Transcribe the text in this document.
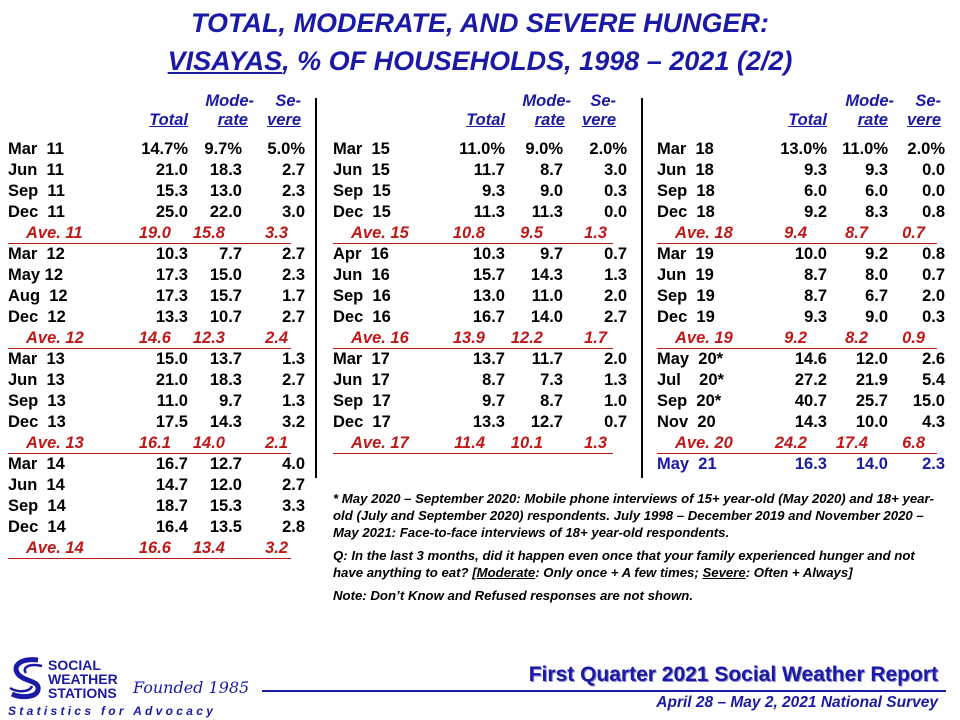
TOTAL, MODERATE, AND SEVERE HUNGER:
VISAYAS, % OF HOUSEHOLDS, 1998 – 2021 (2/2)
Mode- Se-
Total rate vere
Mar  11	14.7% 9.7% 5.0%
Jun  11	21.0 18.3 2.7
Sep  11	15.3 13.0 2.3
Dec  11	25.0 22.0 3.0
Ave. 11	19.0 15.8 3.3
Mar  12	10.3 7.7 2.7
May 12	17.3 15.0 2.3
Aug  12	17.3 15.7 1.7
Dec  12	13.3 10.7 2.7
Ave. 12	14.6 12.3 2.4
Mar  13	15.0 13.7 1.3
Jun  13	21.0 18.3 2.7
Sep  13	11.0 9.7 1.3
Dec  13	17.5 14.3 3.2
Ave. 13	16.1 14.0 2.1
Mar  14	16.7 12.7 4.0
Jun  14	14.7 12.0 2.7
Sep  14	18.7 15.3 3.3
Dec  14	16.4 13.5 2.8
Ave. 14	16.6 13.4 3.2
Mode- Se-
Total rate vere
Mar  15	11.0% 9.0% 2.0%
Jun  15	11.7 8.7 3.0
Sep  15	9.3 9.0 0.3
Dec  15	11.3 11.3 0.0
Ave. 15	10.8 9.5 1.3
Apr  16	10.3 9.7 0.7
Jun  16	15.7 14.3 1.3
Sep  16	13.0 11.0 2.0
Dec  16	16.7 14.0 2.7
Ave. 16	13.9 12.2 1.7
Mar  17	13.7 11.7 2.0
Jun  17	8.7 7.3 1.3
Sep  17	9.7 8.7 1.0
Dec  17	13.3 12.7 0.7
Ave. 17	11.4 10.1 1.3
Mode- Se-
Total rate vere
Mar  18	13.0% 11.0% 2.0%
Jun  18	9.3 9.3 0.0
Sep  18	6.0 6.0 0.0
Dec  18	9.2 8.3 0.8
Ave. 18	9.4 8.7 0.7
Mar  19	10.0 9.2 0.8
Jun  19	8.7 8.0 0.7
Sep  19	8.7 6.7 2.0
Dec  19	9.3 9.0 0.3
Ave. 19	9.2 8.2 0.9
May  20*	14.6 12.0 2.6
Jul    20*	27.2 21.9 5.4
Sep  20*	40.7 25.7 15.0
Nov  20	14.3 10.0 4.3
Ave. 20	24.2 17.4 6.8
May  21	16.3 14.0 2.3

* May 2020 – September 2020: Mobile phone interviews of 15+ year-old (May 2020) and 18+ year-old (July and September 2020) respondents. July 1998 – December 2019 and November 2020 – May 2021: Face-to-face interviews of 18+ year-old respondents.

Q: In the last 3 months, did it happen even once that your family experienced hunger and not have anything to eat? [Moderate: Only once + A few times; Severe: Often + Always]

Note: Don’t Know and Refused responses are not shown.

SOCIAL
WEATHER
STATIONS Founded 1985
Statistics for Advocacy
First Quarter 2021 Social Weather Report
April 28 – May 2, 2021 National Survey
